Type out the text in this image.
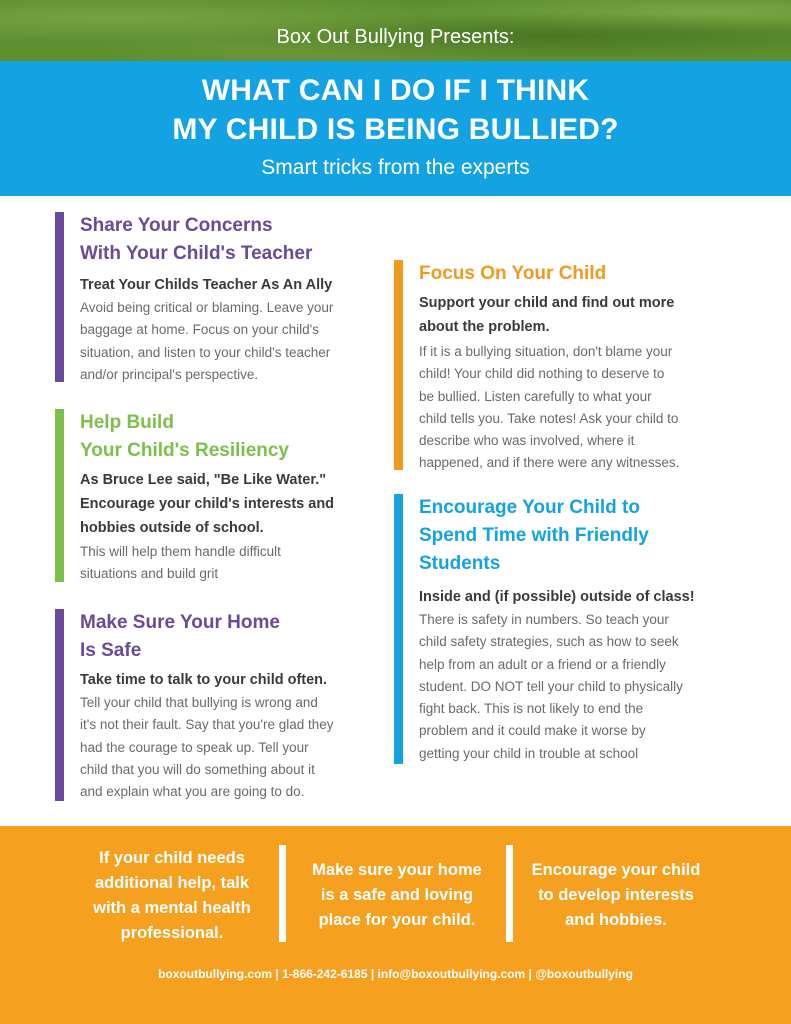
Box Out Bullying Presents:
WHAT CAN I DO IF I THINK
MY CHILD IS BEING BULLIED?
Smart tricks from the experts
Share Your Concerns
With Your Child's Teacher
Treat Your Childs Teacher As An Ally
Avoid being critical or blaming. Leave your
baggage at home. Focus on your child's
situation, and listen to your child's teacher
and/or principal's perspective.
Help Build
Your Child's Resiliency
As Bruce Lee said, "Be Like Water."
Encourage your child's interests and
hobbies outside of school.
This will help them handle difficult
situations and build grit
Make Sure Your Home
Is Safe
Take time to talk to your child often.
Tell your child that bullying is wrong and
it's not their fault. Say that you're glad they
had the courage to speak up. Tell your
child that you will do something about it
and explain what you are going to do.
Focus On Your Child
Support your child and find out more
about the problem.
If it is a bullying situation, don't blame your
child! Your child did nothing to deserve to
be bullied. Listen carefully to what your
child tells you. Take notes! Ask your child to
describe who was involved, where it
happened, and if there were any witnesses.
Encourage Your Child to
Spend Time with Friendly
Students
Inside and (if possible) outside of class!
There is safety in numbers. So teach your
child safety strategies, such as how to seek
help from an adult or a friend or a friendly
student. DO NOT tell your child to physically
fight back. This is not likely to end the
problem and it could make it worse by
getting your child in trouble at school
If your child needs
additional help, talk
with a mental health
professional.
Make sure your home
is a safe and loving
place for your child.
Encourage your child
to develop interests
and hobbies.
boxoutbullying.com | 1-866-242-6185 | info@boxoutbullying.com | @boxoutbullying
